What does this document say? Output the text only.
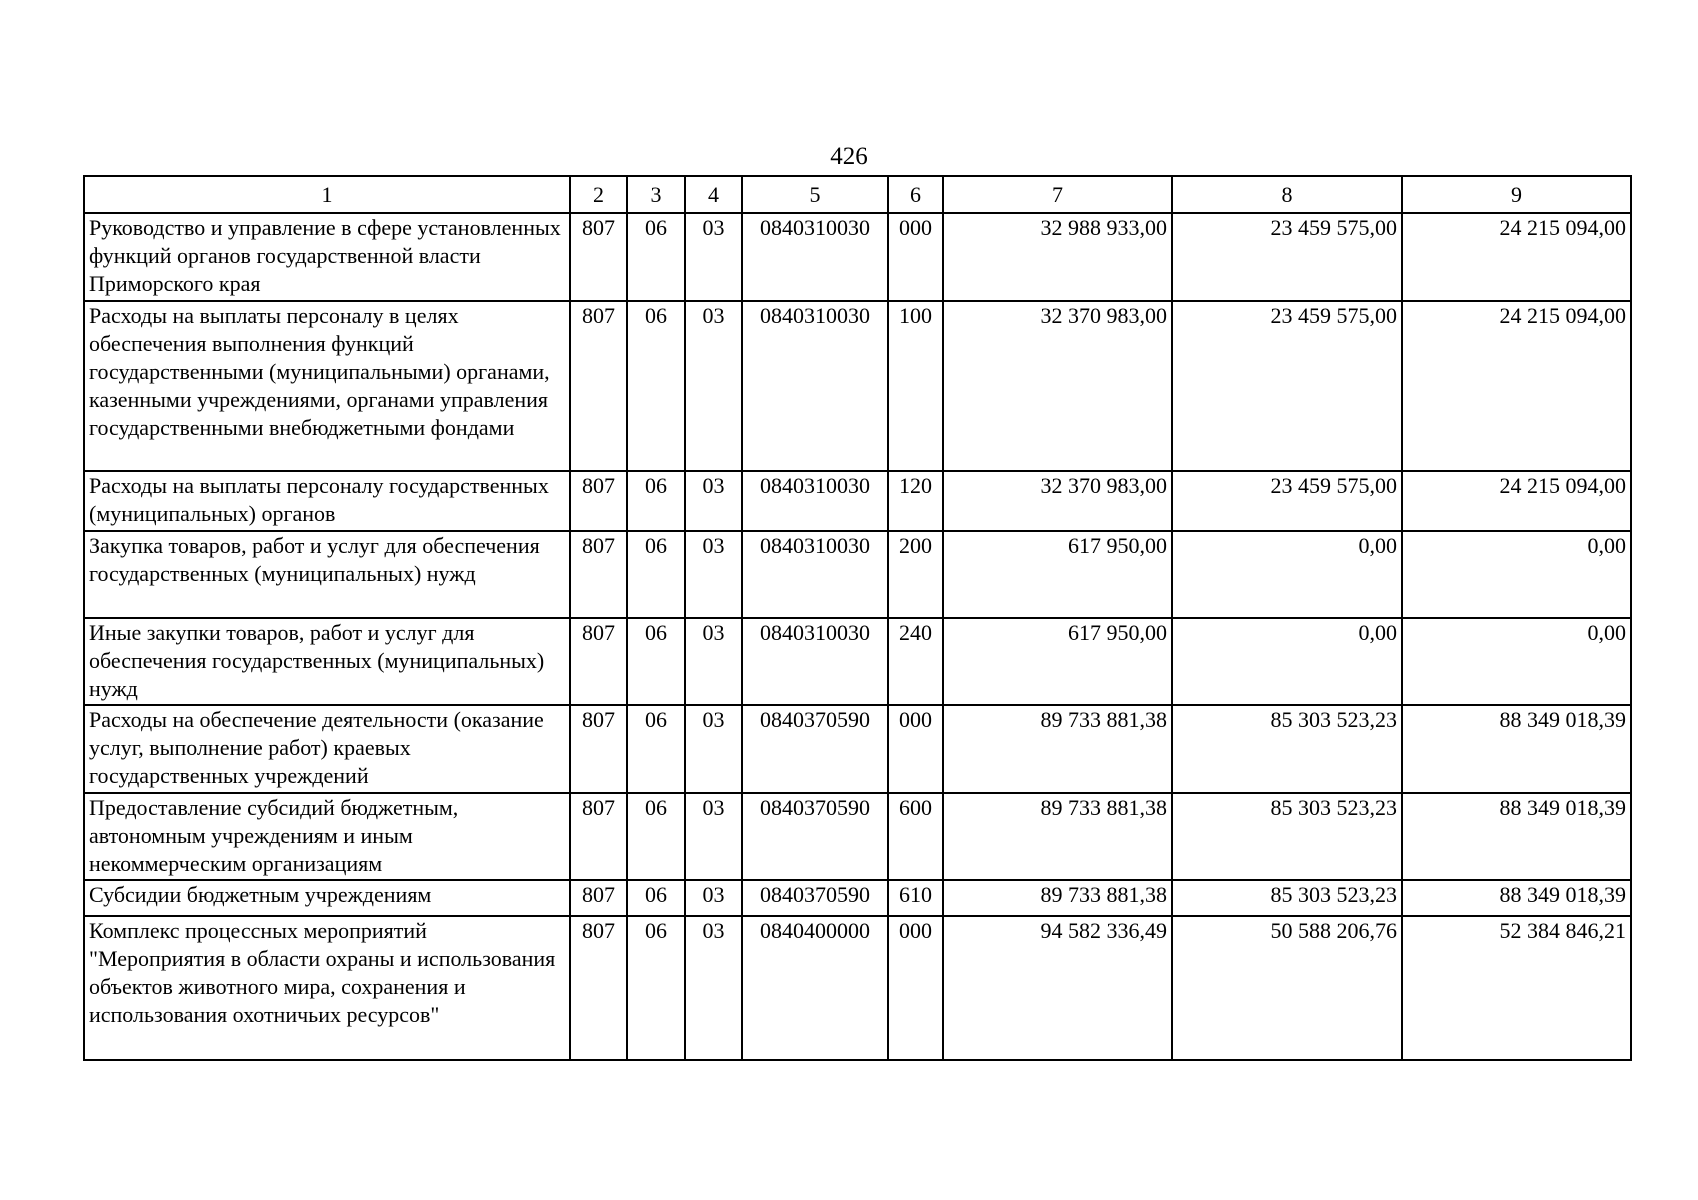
426
1	2	3	4	5	6	7	8	9
Руководство и управление в сфере установленных функций органов государственной власти Приморского края	807	06	03	0840310030	000	32 988 933,00	23 459 575,00	24 215 094,00
Расходы на выплаты персоналу в целях обеспечения выполнения функций государственными (муниципальными) органами, казенными учреждениями, органами управления государственными внебюджетными фондами	807	06	03	0840310030	100	32 370 983,00	23 459 575,00	24 215 094,00
Расходы на выплаты персоналу государственных (муниципальных) органов	807	06	03	0840310030	120	32 370 983,00	23 459 575,00	24 215 094,00
Закупка товаров, работ и услуг для обеспечения государственных (муниципальных) нужд	807	06	03	0840310030	200	617 950,00	0,00	0,00
Иные закупки товаров, работ и услуг для обеспечения государственных (муниципальных) нужд	807	06	03	0840310030	240	617 950,00	0,00	0,00
Расходы на обеспечение деятельности (оказание услуг, выполнение работ) краевых государственных учреждений	807	06	03	0840370590	000	89 733 881,38	85 303 523,23	88 349 018,39
Предоставление субсидий бюджетным, автономным учреждениям и иным некоммерческим организациям	807	06	03	0840370590	600	89 733 881,38	85 303 523,23	88 349 018,39
Субсидии бюджетным учреждениям	807	06	03	0840370590	610	89 733 881,38	85 303 523,23	88 349 018,39
Комплекс процессных мероприятий "Мероприятия в области охраны и использования объектов животного мира, сохранения и использования охотничьих ресурсов"	807	06	03	0840400000	000	94 582 336,49	50 588 206,76	52 384 846,21
